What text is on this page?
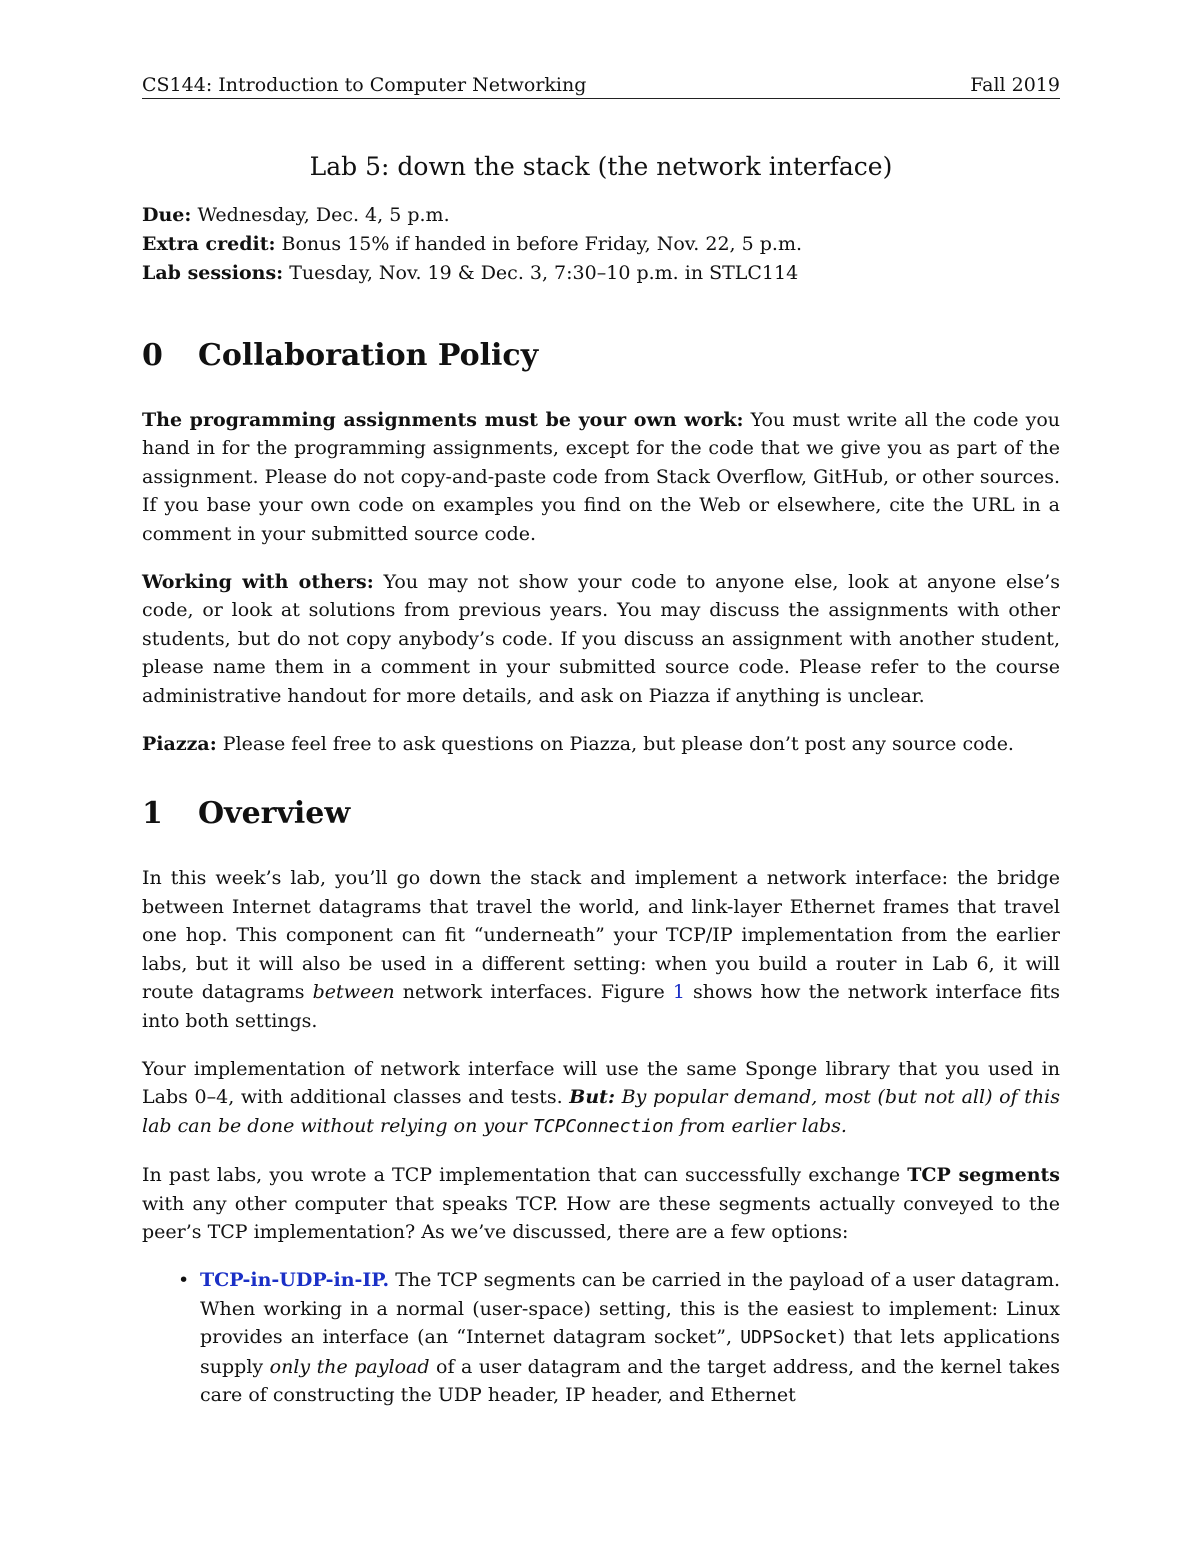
CS144: Introduction to Computer Networking	Fall 2019
Lab 5: down the stack (the network interface)
Due: Wednesday, Dec. 4, 5 p.m.
Extra credit: Bonus 15% if handed in before Friday, Nov. 22, 5 p.m.
Lab sessions: Tuesday, Nov. 19 & Dec. 3, 7:30–10 p.m. in STLC114
0 Collaboration Policy

The programming assignments must be your own work: You must write all the code you hand in for the programming assignments, except for the code that we give you as part of the assignment. Please do not copy-and-paste code from Stack Overflow, GitHub, or other sources. If you base your own code on examples you find on the Web or elsewhere, cite the URL in a comment in your submitted source code.

Working with others: You may not show your code to anyone else, look at anyone else’s code, or look at solutions from previous years. You may discuss the assignments with other students, but do not copy anybody’s code. If you discuss an assignment with another student, please name them in a comment in your submitted source code. Please refer to the course administrative handout for more details, and ask on Piazza if anything is unclear.

Piazza: Please feel free to ask questions on Piazza, but please don’t post any source code.

1 Overview

In this week’s lab, you’ll go down the stack and implement a network interface: the bridge between Internet datagrams that travel the world, and link-layer Ethernet frames that travel one hop. This component can fit “underneath” your TCP/IP implementation from the earlier labs, but it will also be used in a different setting: when you build a router in Lab 6, it will route datagrams between network interfaces. Figure 1 shows how the network interface fits into both settings.

Your implementation of network interface will use the same Sponge library that you used in Labs 0–4, with additional classes and tests. But: By popular demand, most (but not all) of this lab can be done without relying on your TCPConnection from earlier labs.

In past labs, you wrote a TCP implementation that can successfully exchange TCP segments with any other computer that speaks TCP. How are these segments actually conveyed to the peer’s TCP implementation? As we’ve discussed, there are a few options:

• TCP-in-UDP-in-IP. The TCP segments can be carried in the payload of a user datagram. When working in a normal (user-space) setting, this is the easiest to implement: Linux provides an interface (an “Internet datagram socket”, UDPSocket) that lets applications supply only the payload of a user datagram and the target address, and the kernel takes care of constructing the UDP header, IP header, and Ethernet
